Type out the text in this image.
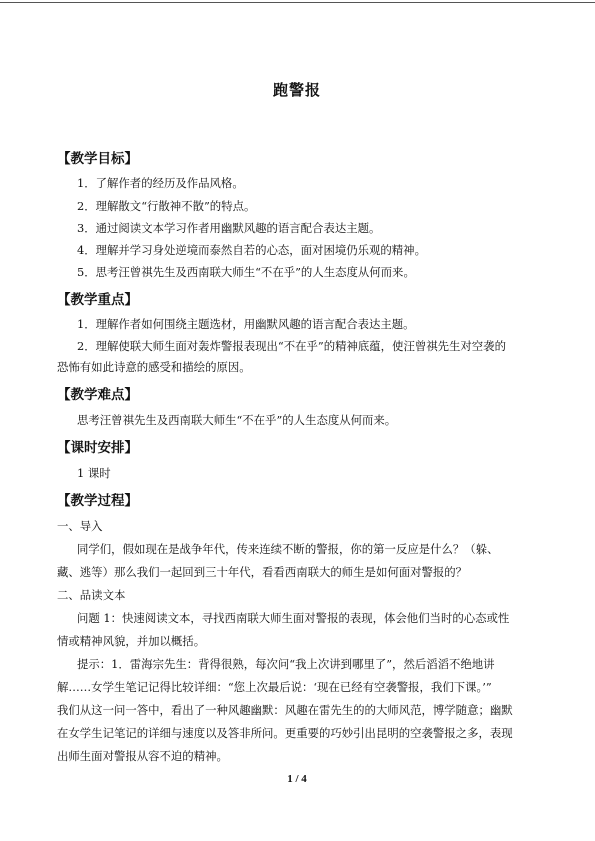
跑警报
【教学目标】
1．了解作者的经历及作品风格。
2．理解散文“行散神不散”的特点。
3．通过阅读文本学习作者用幽默风趣的语言配合表达主题。
4．理解并学习身处逆境而泰然自若的心态，面对困境仍乐观的精神。
5．思考汪曾祺先生及西南联大师生“不在乎”的人生态度从何而来。
【教学重点】
1．理解作者如何围绕主题选材，用幽默风趣的语言配合表达主题。
2．理解使联大师生面对轰炸警报表现出“不在乎”的精神底蕴，使汪曾祺先生对空袭的
恐怖有如此诗意的感受和描绘的原因。
【教学难点】
思考汪曾祺先生及西南联大师生“不在乎”的人生态度从何而来。
【课时安排】
1 课时
【教学过程】
一、导入
同学们，假如现在是战争年代，传来连续不断的警报，你的第一反应是什么？（躲、
藏、逃等）那么我们一起回到三十年代，看看西南联大的师生是如何面对警报的？
二、品读文本
问题 1：快速阅读文本，寻找西南联大师生面对警报的表现，体会他们当时的心态或性
情或精神风貌，并加以概括。
提示：1．雷海宗先生：背得很熟，每次问“我上次讲到哪里了”，然后滔滔不绝地讲
解……女学生笔记记得比较详细：“您上次最后说：‘现在已经有空袭警报，我们下课。’”
我们从这一问一答中，看出了一种风趣幽默：风趣在雷先生的的大师风范，博学随意；幽默
在女学生记笔记的详细与速度以及答非所问。更重要的巧妙引出昆明的空袭警报之多，表现
出师生面对警报从容不迫的精神。
1 / 4
